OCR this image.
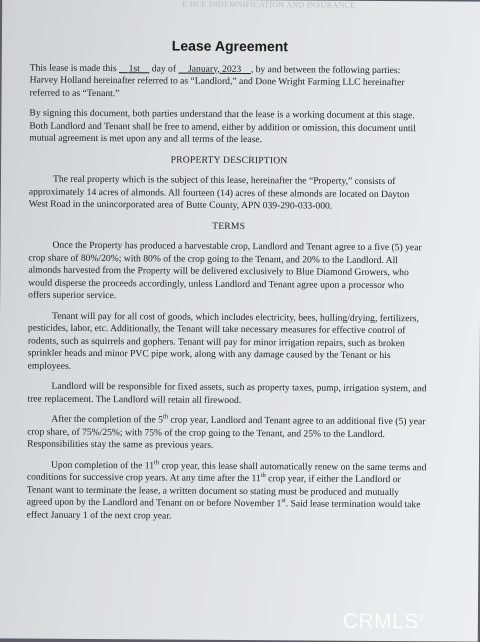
E.HCE.INDEMNIFICATION AND INSURANCE
Lease Agreement

This lease is made this     1st     day of     January, 2023 , by and between the following parties: Harvey Holland hereinafter referred to as “Landlord,” and Done Wright Farming LLC hereinafter referred to as “Tenant.”

By signing this document, both parties understand that the lease is a working document at this stage. Both Landlord and Tenant shall be free to amend, either by addition or omission, this document until mutual agreement is met upon any and all terms of the lease.

PROPERTY DESCRIPTION

The real property which is the subject of this lease, hereinafter the “Property,” consists of approximately 14 acres of almonds. All fourteen (14) acres of these almonds are located on Dayton West Road in the unincorporated area of Butte County, APN 039-290-033-000.

TERMS

Once the Property has produced a harvestable crop, Landlord and Tenant agree to a five (5) year crop share of 80%/20%; with 80% of the crop going to the Tenant, and 20% to the Landlord. All almonds harvested from the Property will be delivered exclusively to Blue Diamond Growers, who would disperse the proceeds accordingly, unless Landlord and Tenant agree upon a processor who offers superior service.

Tenant will pay for all cost of goods, which includes electricity, bees, hulling/drying, fertilizers, pesticides, labor, etc. Additionally, the Tenant will take necessary measures for effective control of rodents, such as squirrels and gophers. Tenant will pay for minor irrigation repairs, such as broken sprinkler heads and minor PVC pipe work, along with any damage caused by the Tenant or his employees.

Landlord will be responsible for fixed assets, such as property taxes, pump, irrigation system, and tree replacement. The Landlord will retain all firewood.

After the completion of the 5th crop year, Landlord and Tenant agree to an additional five (5) year crop share, of 75%/25%; with 75% of the crop going to the Tenant, and 25% to the Landlord. Responsibilities stay the same as previous years.

Upon completion of the 11th crop year, this lease shall automatically renew on the same terms and conditions for successive crop years. At any time after the 11th crop year, if either the Landlord or Tenant want to terminate the lease, a written document so stating must be produced and mutually agreed upon by the Landlord and Tenant on or before November 1st. Said lease termination would take effect January 1 of the next crop year.

CRMLS®
